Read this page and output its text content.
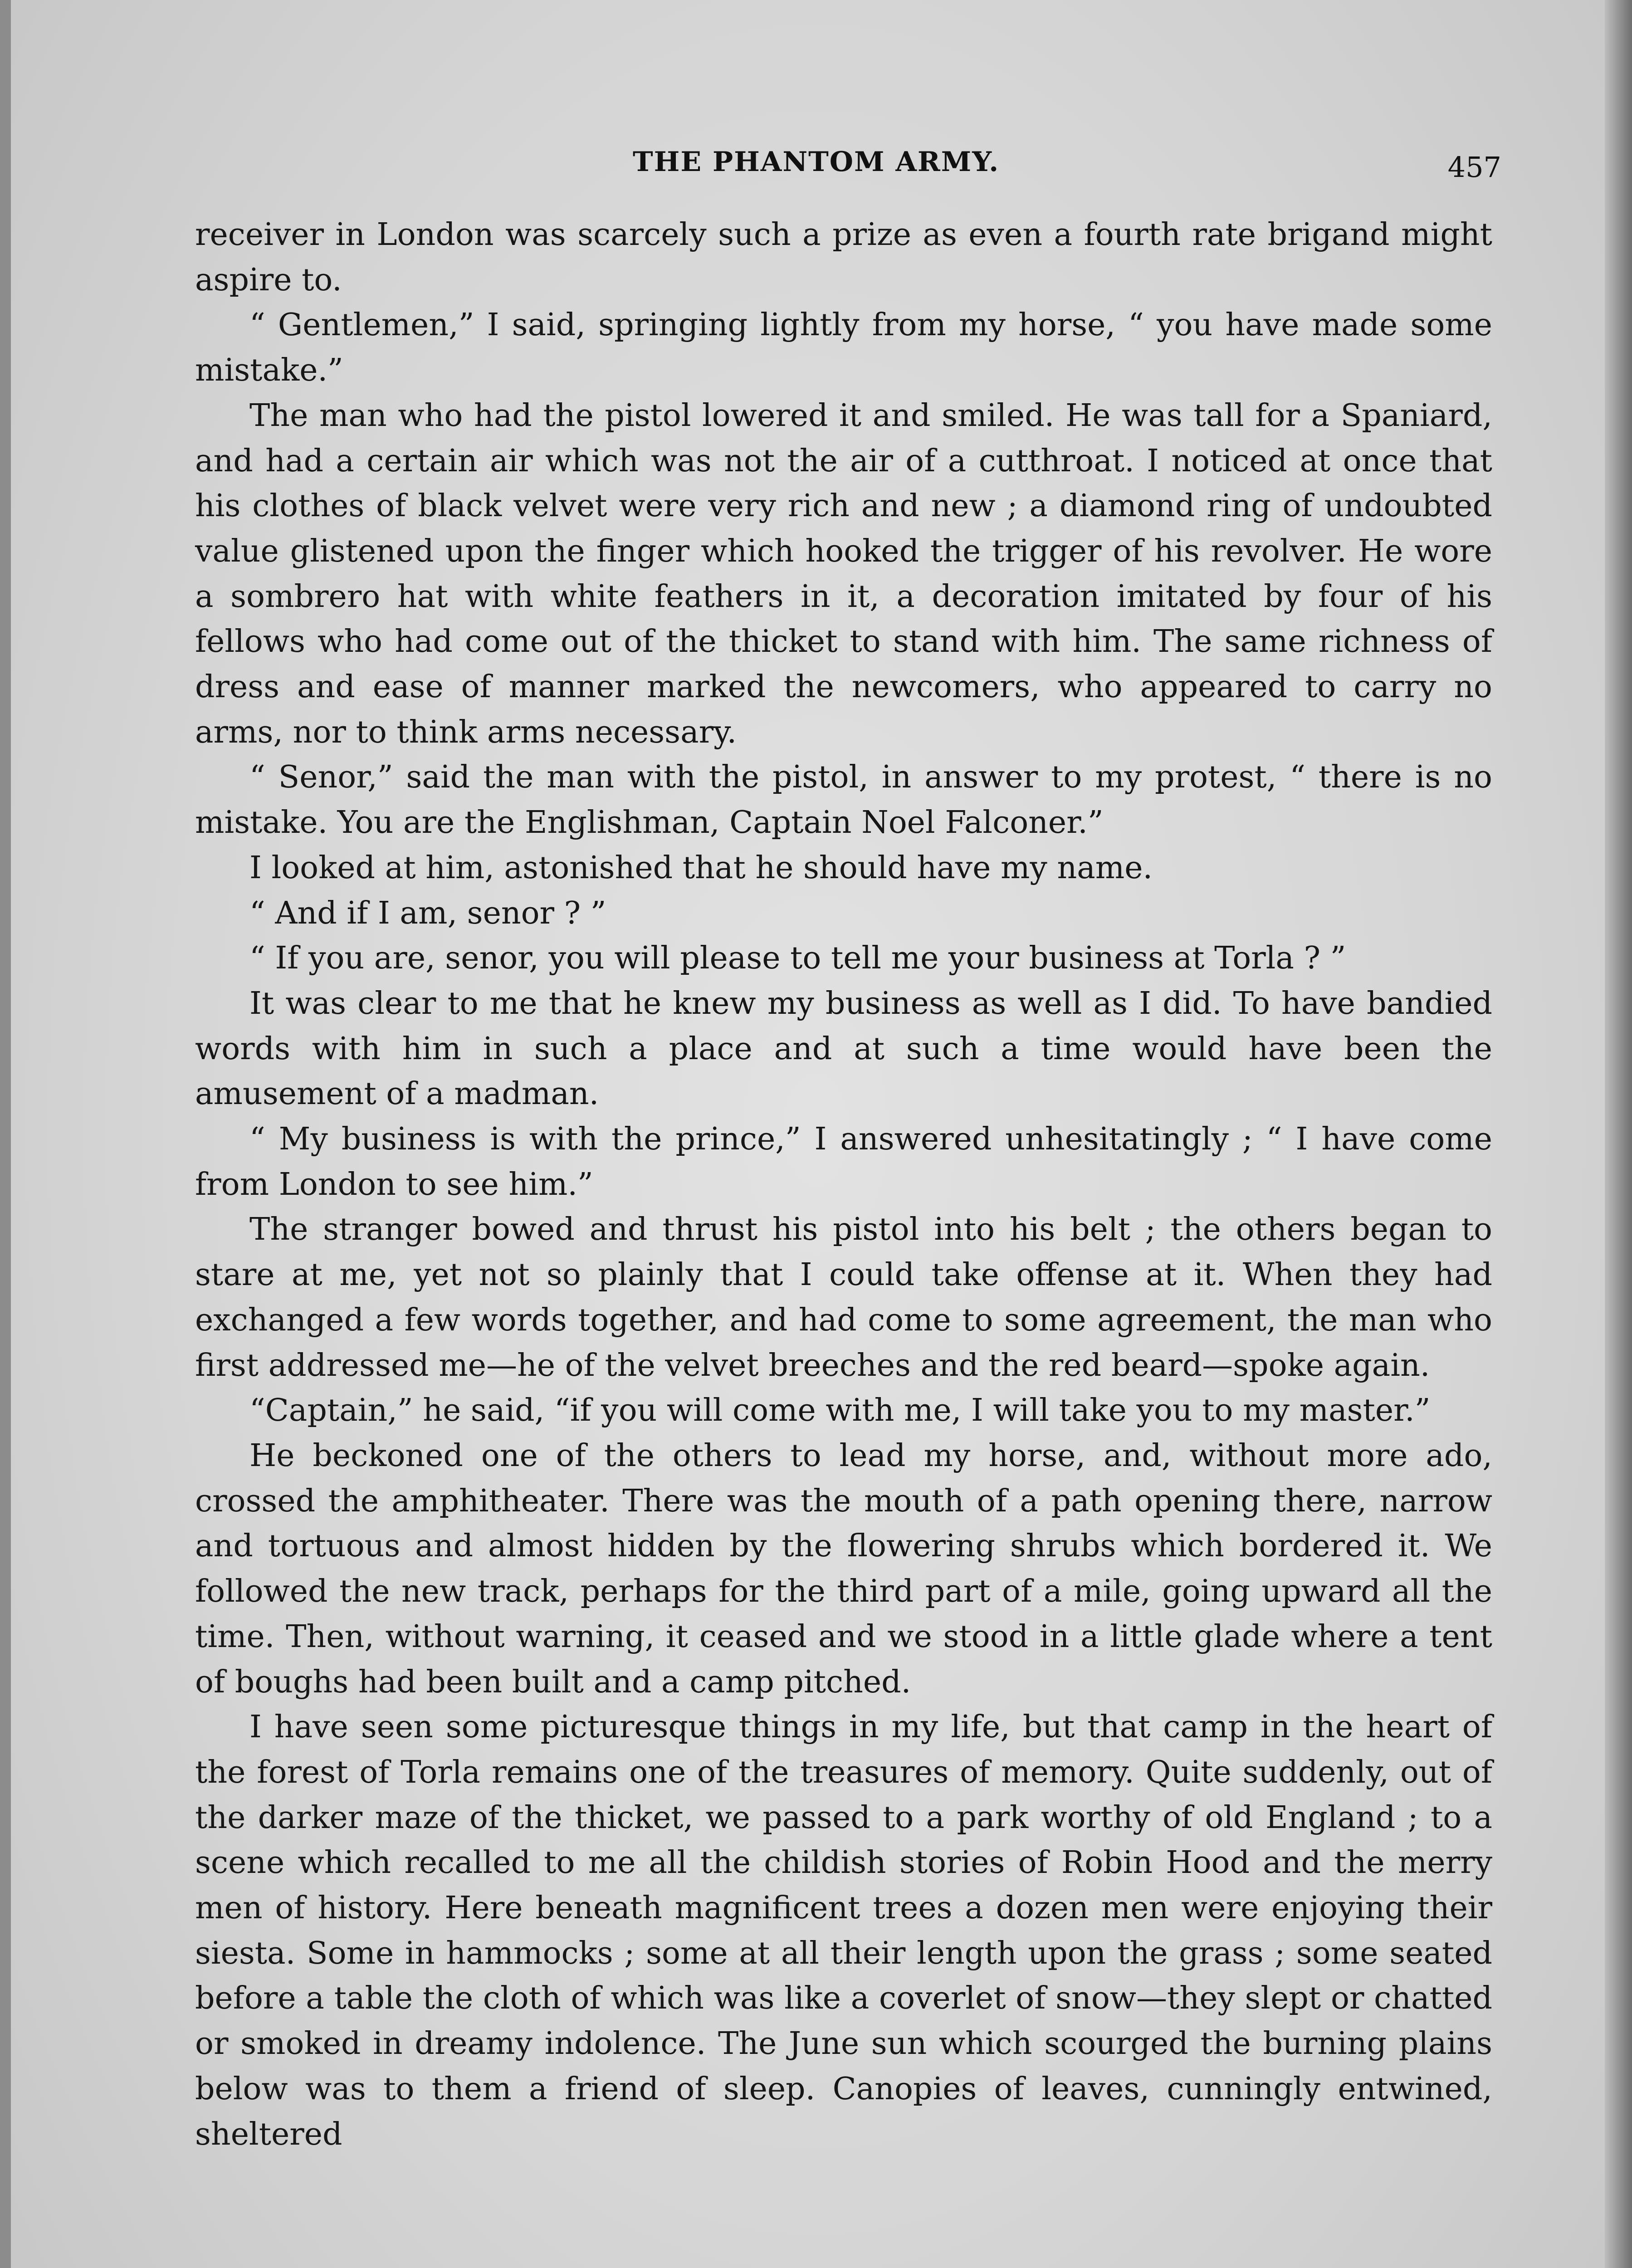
THE PHANTOM ARMY.	457

receiver in London was scarcely such a prize as even a fourth rate brigand might aspire to.

“ Gentlemen,” I said, springing lightly from my horse, “ you have made some mistake.”

The man who had the pistol lowered it and smiled. He was tall for a Spaniard, and had a certain air which was not the air of a cutthroat. I noticed at once that his clothes of black velvet were very rich and new ; a diamond ring of undoubted value glistened upon the finger which hooked the trigger of his revolver. He wore a sombrero hat with white feathers in it, a decoration imitated by four of his fellows who had come out of the thicket to stand with him. The same richness of dress and ease of manner marked the newcomers, who appeared to carry no arms, nor to think arms necessary.

“ Senor,” said the man with the pistol, in answer to my protest, “ there is no mistake. You are the Englishman, Captain Noel Falconer.”

I looked at him, astonished that he should have my name.

“ And if I am, senor ? ”

“ If you are, senor, you will please to tell me your business at Torla ? ”

It was clear to me that he knew my business as well as I did. To have bandied words with him in such a place and at such a time would have been the amusement of a madman.

“ My business is with the prince,” I answered unhesitatingly ; “ I have come from London to see him.”

The stranger bowed and thrust his pistol into his belt ; the others began to stare at me, yet not so plainly that I could take offense at it. When they had exchanged a few words together, and had come to some agreement, the man who first addressed me—he of the velvet breeches and the red beard—spoke again.

“Captain,” he said, “if you will come with me, I will take you to my master.”

He beckoned one of the others to lead my horse, and, without more ado, crossed the amphitheater. There was the mouth of a path opening there, narrow and tortuous and almost hidden by the flowering shrubs which bordered it. We followed the new track, perhaps for the third part of a mile, going upward all the time. Then, without warning, it ceased and we stood in a little glade where a tent of boughs had been built and a camp pitched.

I have seen some picturesque things in my life, but that camp in the heart of the forest of Torla remains one of the treasures of memory. Quite suddenly, out of the darker maze of the thicket, we passed to a park worthy of old England ; to a scene which recalled to me all the childish stories of Robin Hood and the merry men of history. Here beneath magnificent trees a dozen men were enjoying their siesta. Some in hammocks ; some at all their length upon the grass ; some seated before a table the cloth of which was like a coverlet of snow—they slept or chatted or smoked in dreamy indolence. The June sun which scourged the burning plains below was to them a friend of sleep. Canopies of leaves, cunningly entwined, sheltered
